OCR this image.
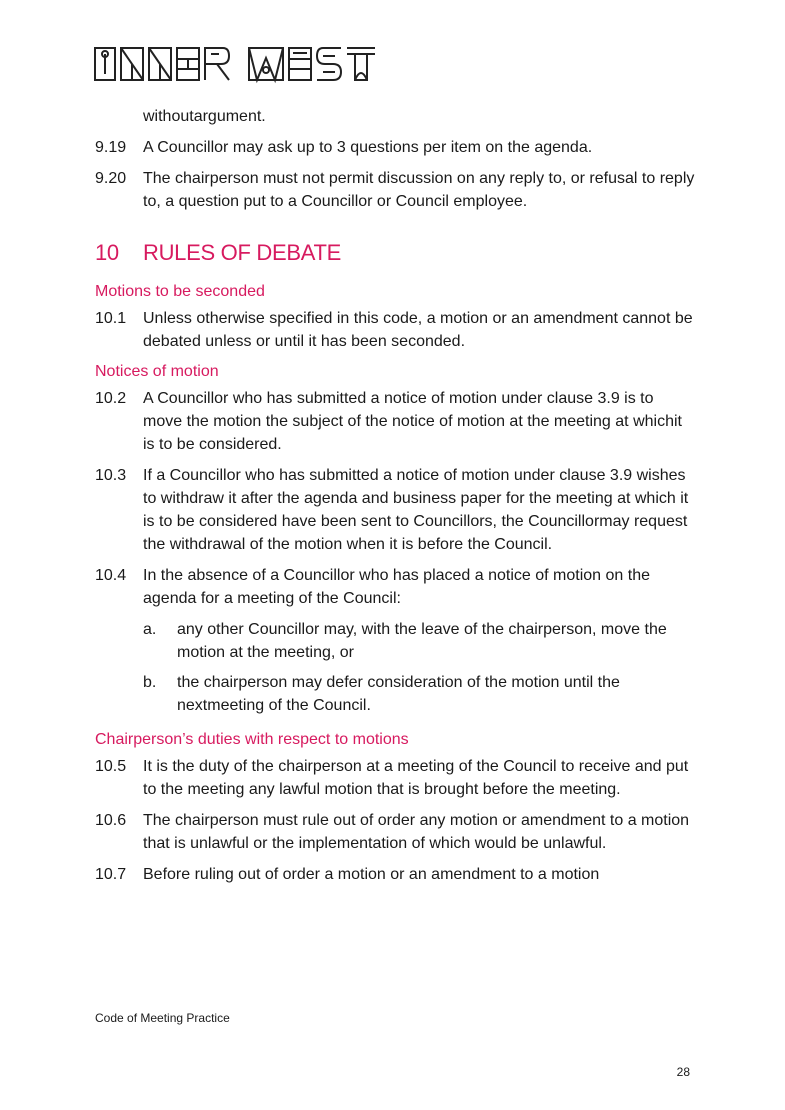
withoutargument.
9.19	A Councillor may ask up to 3 questions per item on the agenda.
9.20	The chairperson must not permit discussion on any reply to, or refusal to reply to, a question put to a Councillor or Council employee.
10	RULES OF DEBATE
Motions to be seconded
10.1	Unless otherwise specified in this code, a motion or an amendment cannot be debated unless or until it has been seconded.
Notices of motion
10.2	A Councillor who has submitted a notice of motion under clause 3.9 is to move the motion the subject of the notice of motion at the meeting at whichit is to be considered.
10.3	If a Councillor who has submitted a notice of motion under clause 3.9 wishes to withdraw it after the agenda and business paper for the meeting at which it is to be considered have been sent to Councillors, the Councillormay request the withdrawal of the motion when it is before the Council.
10.4	In the absence of a Councillor who has placed a notice of motion on the agenda for a meeting of the Council:
a.	any other Councillor may, with the leave of the chairperson, move the motion at the meeting, or
b.	the chairperson may defer consideration of the motion until the nextmeeting of the Council.
Chairperson’s duties with respect to motions
10.5	It is the duty of the chairperson at a meeting of the Council to receive and put to the meeting any lawful motion that is brought before the meeting.
10.6	The chairperson must rule out of order any motion or amendment to a motion that is unlawful or the implementation of which would be unlawful.
10.7	Before ruling out of order a motion or an amendment to a motion
Code of Meeting Practice
28
